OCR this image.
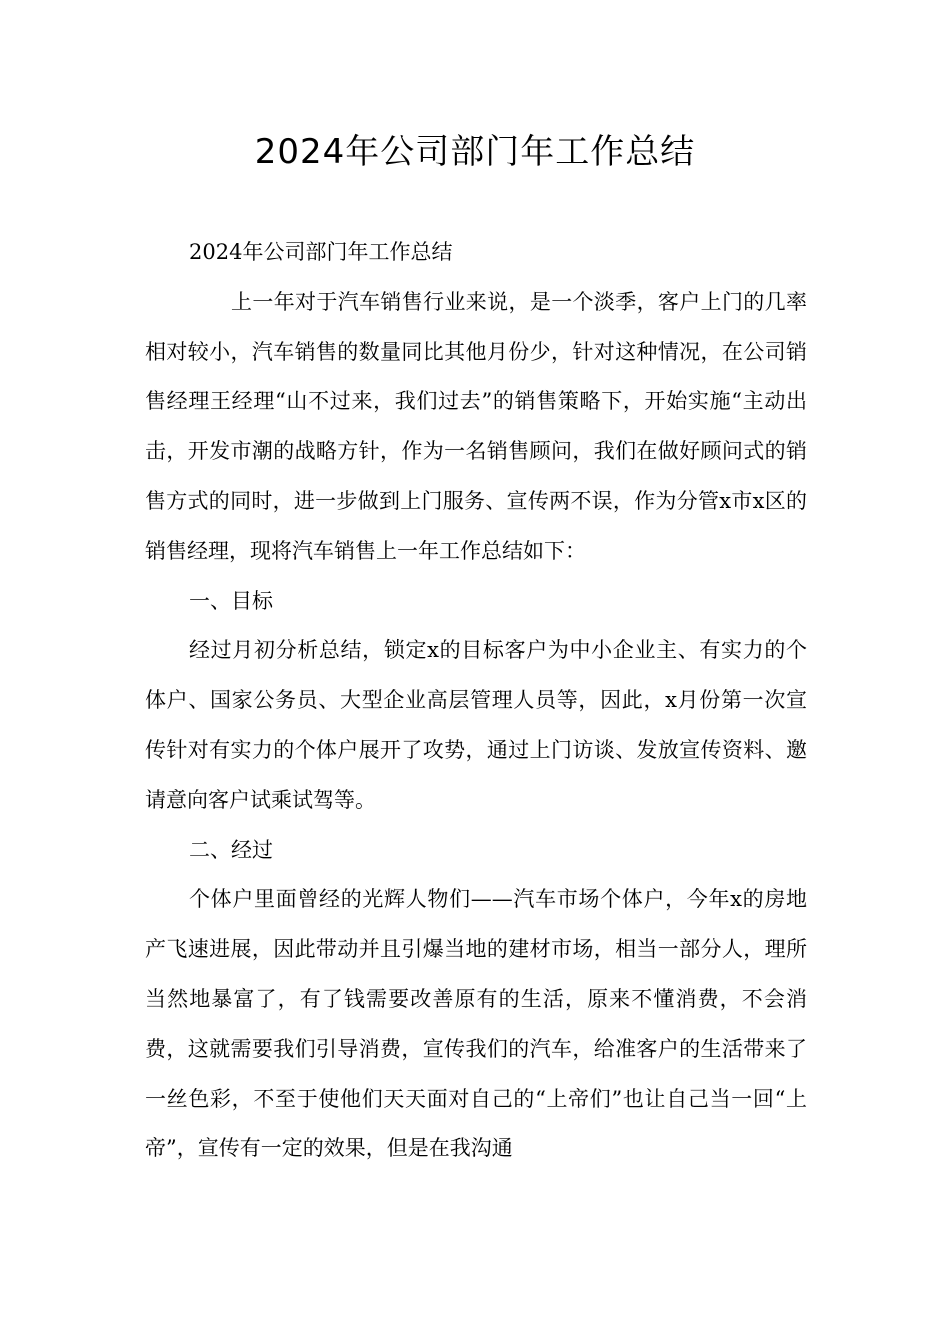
2024年公司部门年工作总结

2024年公司部门年工作总结

上一年对于汽车销售行业来说，是一个淡季，客户上门的几率相对较小，汽车销售的数量同比其他月份少，针对这种情况，在公司销售经理王经理“山不过来，我们过去”的销售策略下，开始实施“主动出击，开发市潮的战略方针，作为一名销售顾问，我们在做好顾问式的销售方式的同时，进一步做到上门服务、宣传两不误，作为分管x市x区的销售经理，现将汽车销售上一年工作总结如下：

一、目标

经过月初分析总结，锁定x的目标客户为中小企业主、有实力的个体户、国家公务员、大型企业高层管理人员等，因此，x月份第一次宣传针对有实力的个体户展开了攻势，通过上门访谈、发放宣传资料、邀请意向客户试乘试驾等。

二、经过

个体户里面曾经的光辉人物们——汽车市场个体户，今年x的房地产飞速进展，因此带动并且引爆当地的建材市场，相当一部分人，理所当然地暴富了，有了钱需要改善原有的生活，原来不懂消费，不会消费，这就需要我们引导消费，宣传我们的汽车，给准客户的生活带来了一丝色彩，不至于使他们天天面对自己的“上帝们”也让自己当一回“上帝”，宣传有一定的效果，但是在我沟通
